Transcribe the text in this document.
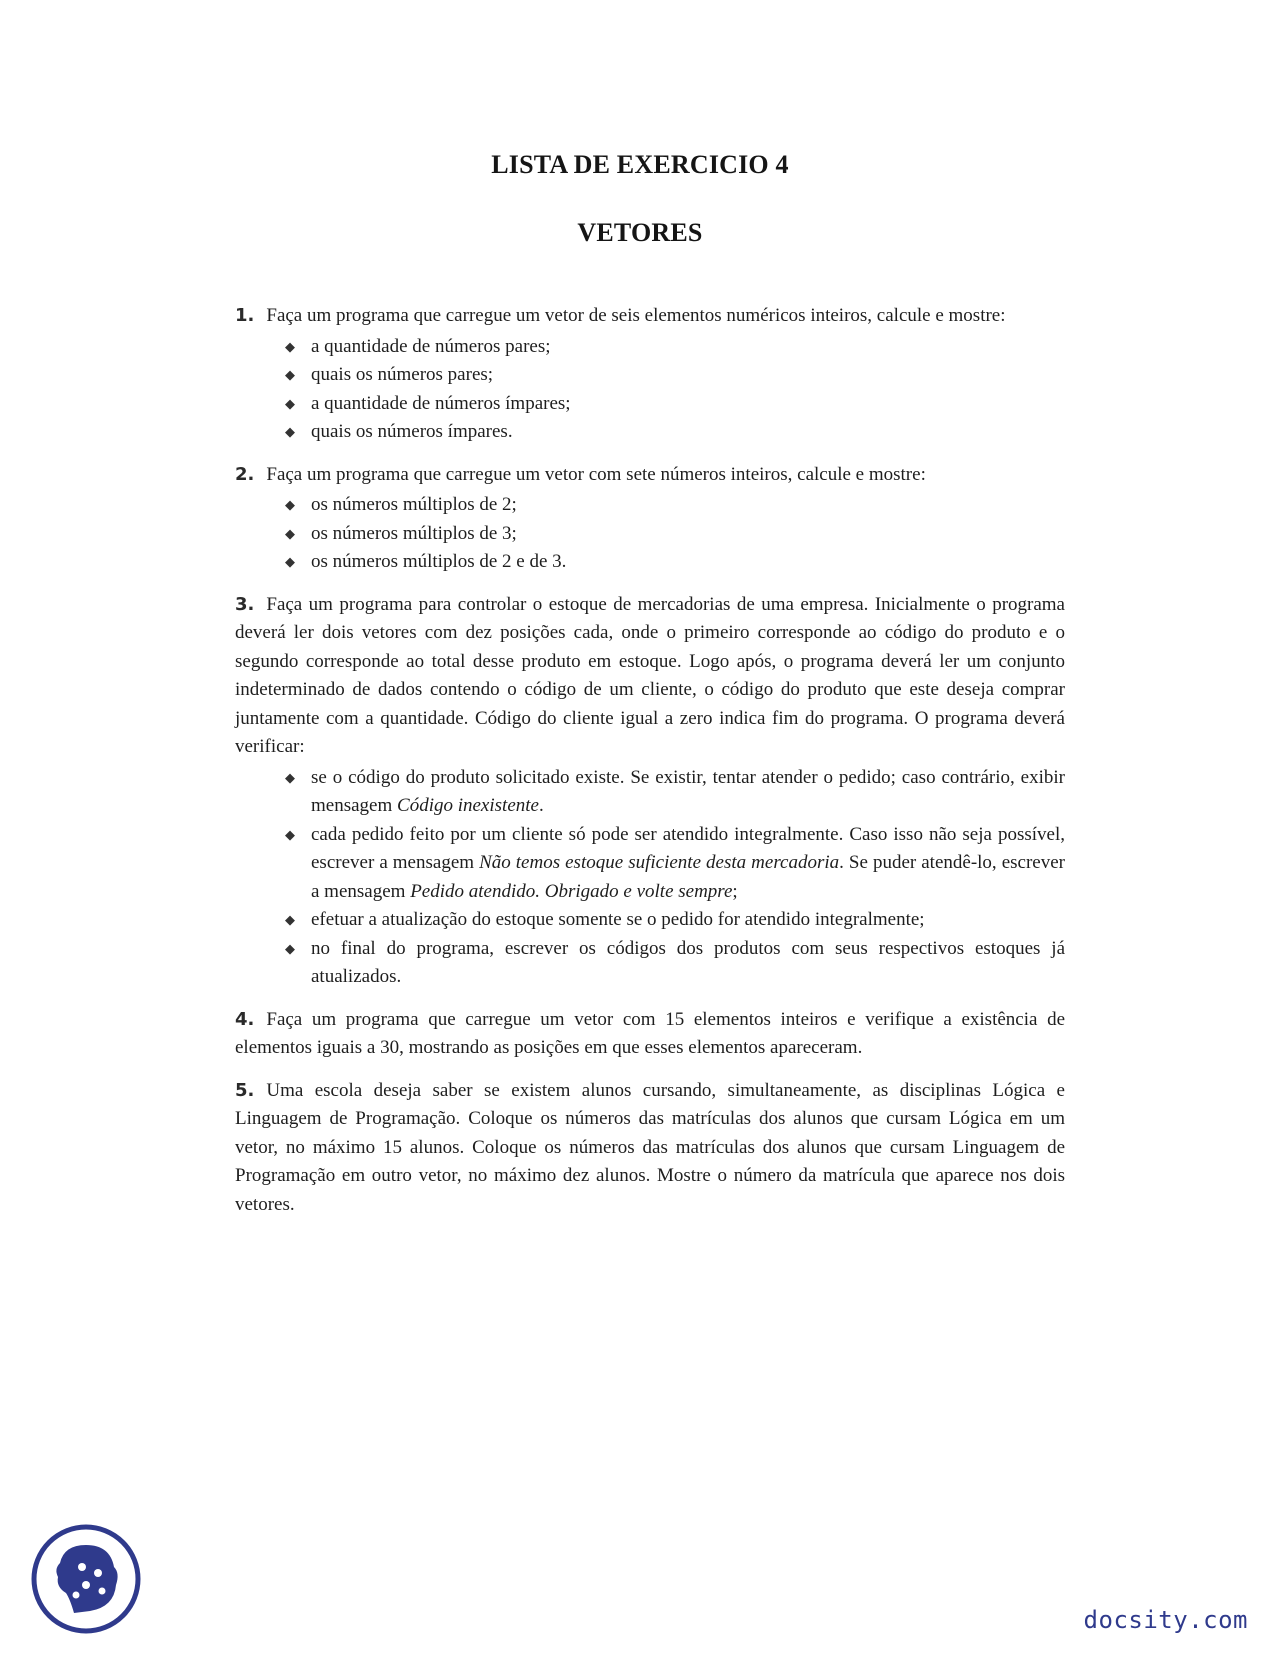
LISTA DE EXERCICIO 4
VETORES
1. Faça um programa que carregue um vetor de seis elementos numéricos inteiros, calcule e mostre:
◆ a quantidade de números pares;
◆ quais os números pares;
◆ a quantidade de números ímpares;
◆ quais os números ímpares.
2. Faça um programa que carregue um vetor com sete números inteiros, calcule e mostre:
◆ os números múltiplos de 2;
◆ os números múltiplos de 3;
◆ os números múltiplos de 2 e de 3.
3. Faça um programa para controlar o estoque de mercadorias de uma empresa. Inicialmente o programa deverá ler dois vetores com dez posições cada, onde o primeiro corresponde ao código do produto e o segundo corresponde ao total desse produto em estoque. Logo após, o programa deverá ler um conjunto indeterminado de dados contendo o código de um cliente, o código do produto que este deseja comprar juntamente com a quantidade. Código do cliente igual a zero indica fim do programa. O programa deverá verificar:
◆ se o código do produto solicitado existe. Se existir, tentar atender o pedido; caso contrário, exibir mensagem Código inexistente.
◆ cada pedido feito por um cliente só pode ser atendido integralmente. Caso isso não seja possível, escrever a mensagem Não temos estoque suficiente desta mercadoria. Se puder atendê-lo, escrever a mensagem Pedido atendido. Obrigado e volte sempre;
◆ efetuar a atualização do estoque somente se o pedido for atendido integralmente;
◆ no final do programa, escrever os códigos dos produtos com seus respectivos estoques já atualizados.
4. Faça um programa que carregue um vetor com 15 elementos inteiros e verifique a existência de elementos iguais a 30, mostrando as posições em que esses elementos apareceram.
5. Uma escola deseja saber se existem alunos cursando, simultaneamente, as disciplinas Lógica e Linguagem de Programação. Coloque os números das matrículas dos alunos que cursam Lógica em um vetor, no máximo 15 alunos. Coloque os números das matrículas dos alunos que cursam Linguagem de Programação em outro vetor, no máximo dez alunos. Mostre o número da matrícula que aparece nos dois vetores.
docsity.com
